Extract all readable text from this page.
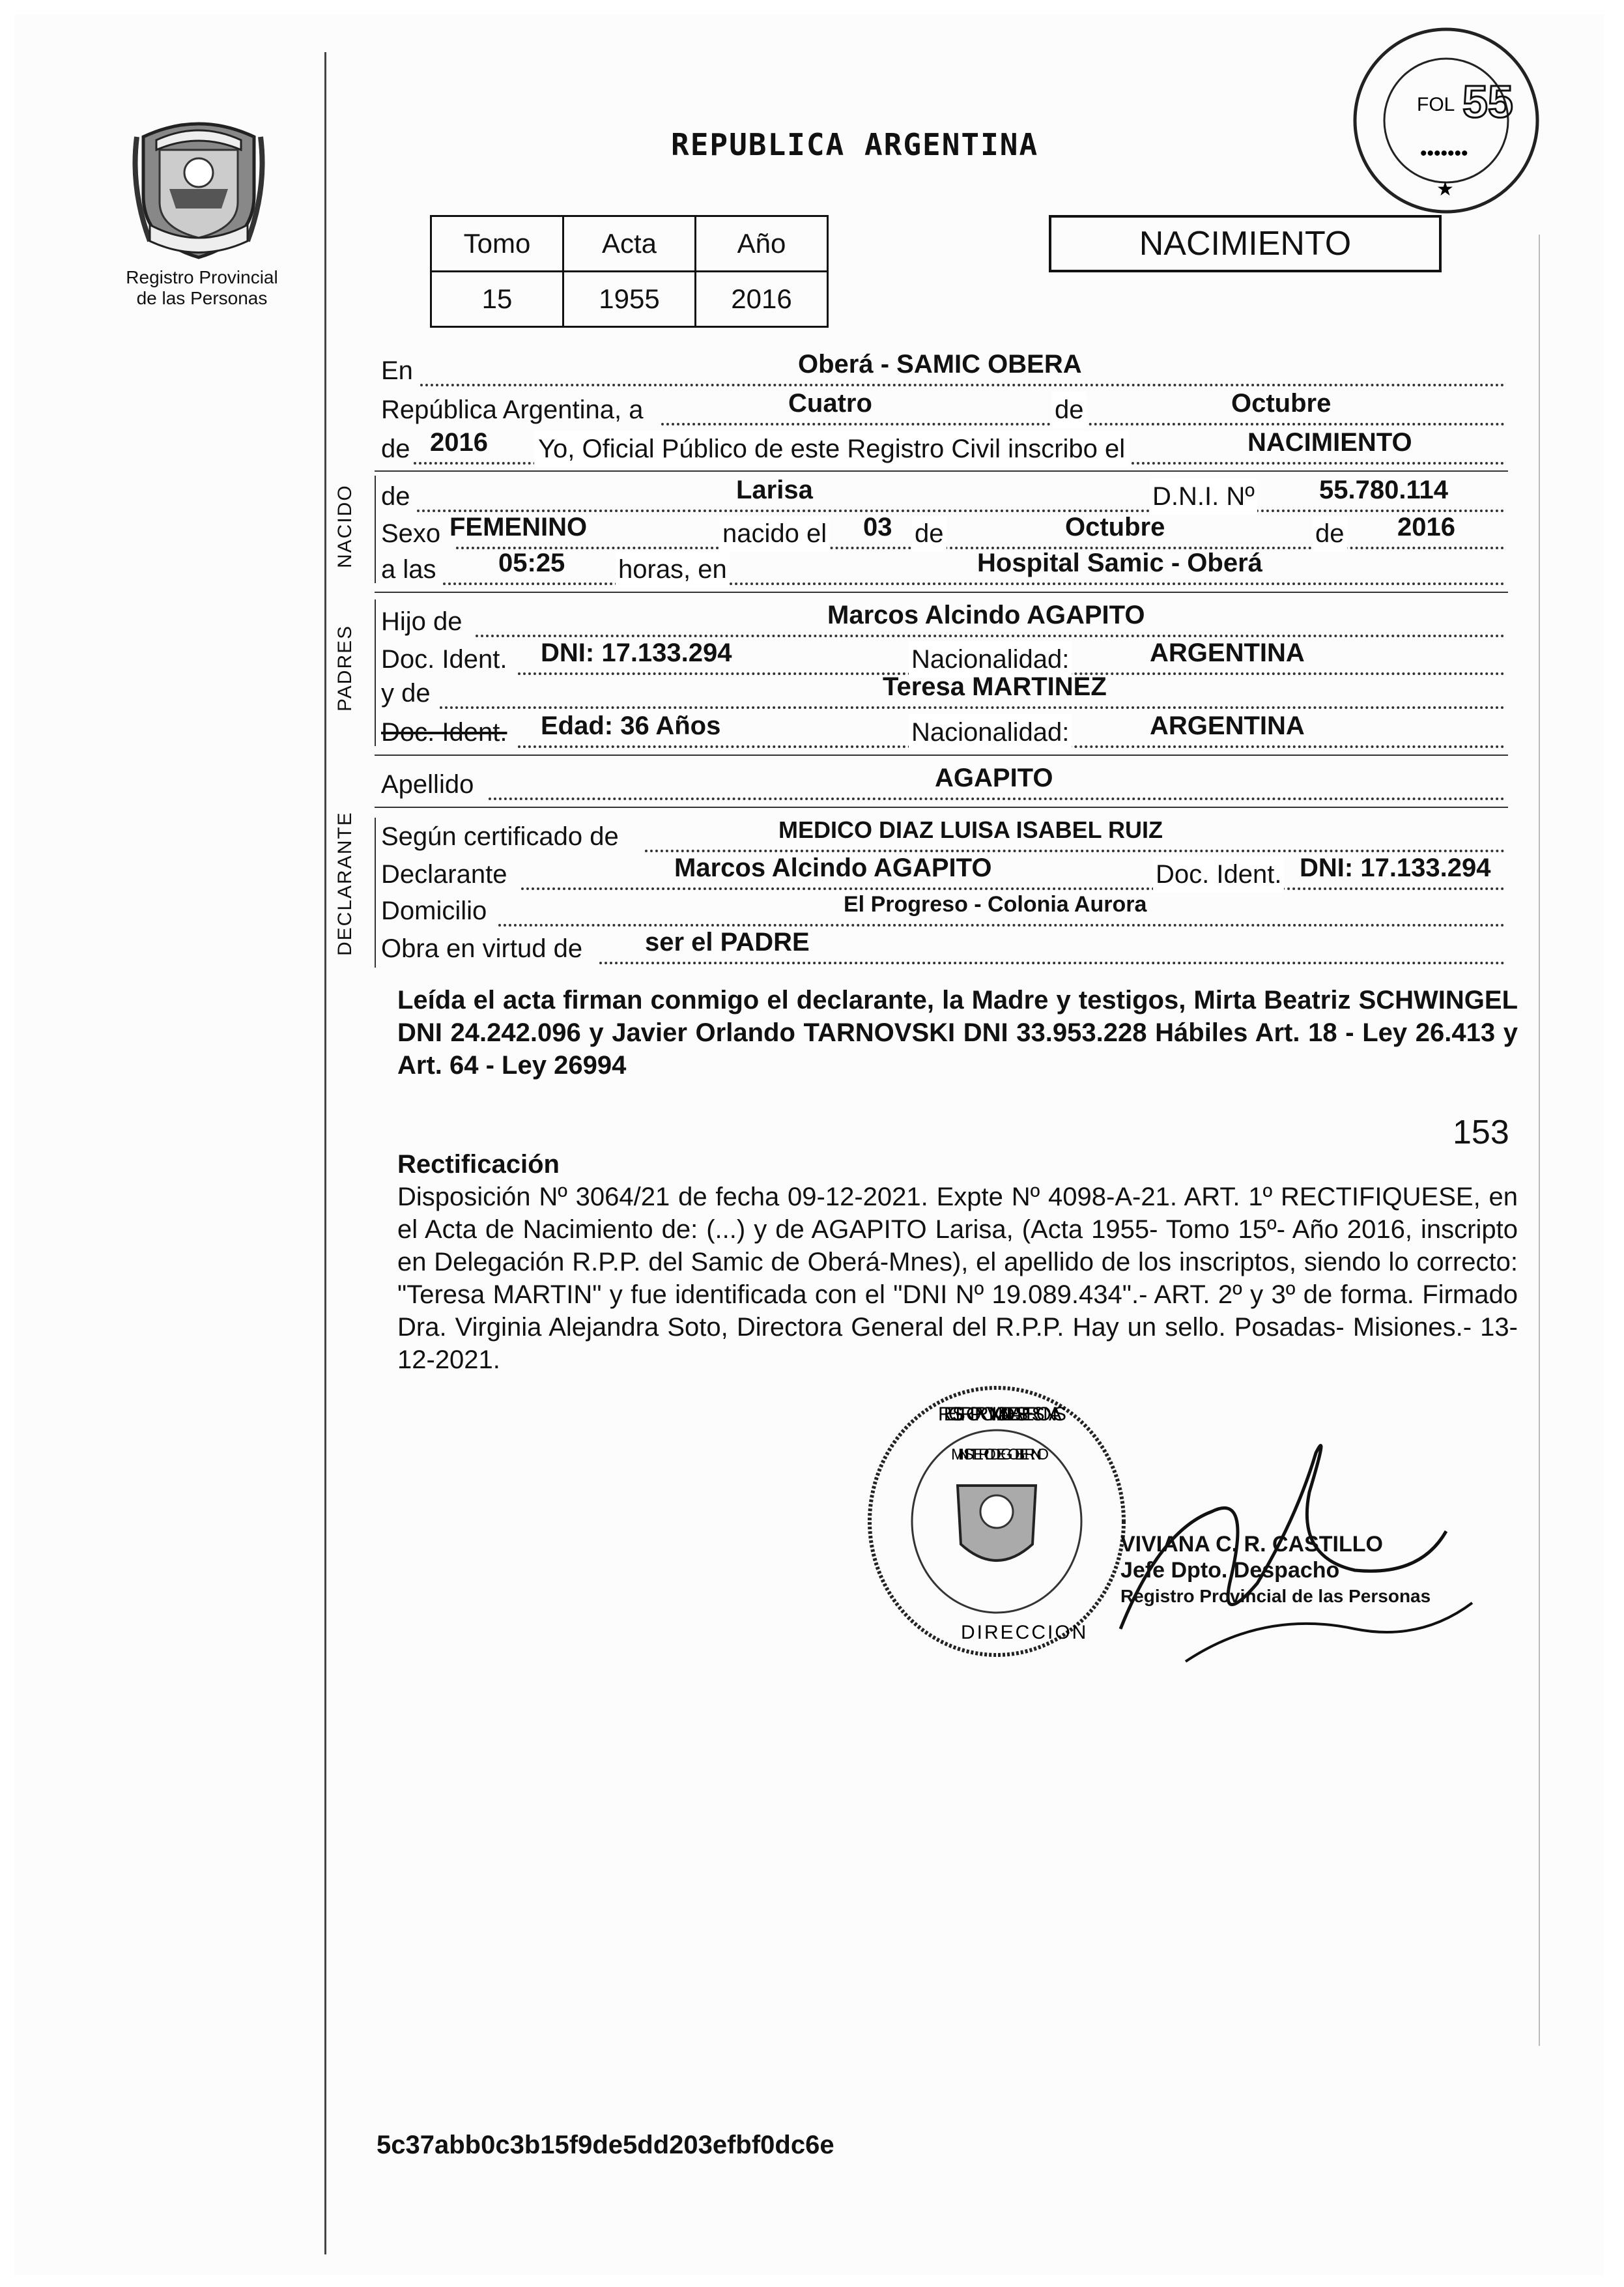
Registro Provincial
de las Personas
REPUBLICA ARGENTINA
Tomo	Acta	Año
15	1955	2016
NACIMIENTO
FOL 55
•••••••
★
NACIDO
PADRES
DECLARANTE
En	Oberá - SAMIC OBERA
República Argentina, a	Cuatro	de	Octubre
de 2016 Yo, Oficial Público de este Registro Civil inscribo el	NACIMIENTO
de	Larisa	D.N.I. Nº 55.780.114
Sexo FEMENINO	nacido el 03 de	Octubre	de 2016
a las 05:25 horas, en	Hospital Samic - Oberá
Hijo de	Marcos Alcindo AGAPITO
Doc. Ident. DNI: 17.133.294	Nacionalidad:	ARGENTINA
y de	Teresa MARTINEZ
Doc. Ident. Edad: 36 Años	Nacionalidad:	ARGENTINA
Apellido	AGAPITO
Según certificado de	MEDICO DIAZ LUISA ISABEL RUIZ
Declarante	Marcos Alcindo AGAPITO	Doc. Ident. DNI: 17.133.294
Domicilio	El Progreso - Colonia Aurora
Obra en virtud de ser el PADRE
Leída el acta firman conmigo el declarante, la Madre y testigos, Mirta Beatriz SCHWINGEL DNI 24.242.096 y Javier Orlando TARNOVSKI DNI 33.953.228 Hábiles Art. 18 - Ley 26.413 y Art. 64 - Ley 26994
153
Rectificación
Disposición Nº 3064/21 de fecha 09-12-2021. Expte Nº 4098-A-21. ART. 1º RECTIFIQUESE, en el Acta de Nacimiento de: (...) y de AGAPITO Larisa, (Acta 1955- Tomo 15º- Año 2016, inscripto en Delegación R.P.P. del Samic de Oberá-Mnes), el apellido de los inscriptos, siendo lo correcto: "Teresa MARTIN" y fue identificada con el "DNI Nº 19.089.434".- ART. 2º y 3º de forma. Firmado Dra. Virginia Alejandra Soto, Directora General del R.P.P. Hay un sello. Posadas- Misiones.- 13-12-2021.
REGISTRO PROVINCIAL DE LAS PERSONAS
MINISTERIO DE GOBIERNO
DIRECCION
VIVIANA C. R. CASTILLO
Jefe Dpto. Despacho
Registro Provincial de las Personas
5c37abb0c3b15f9de5dd203efbf0dc6e
